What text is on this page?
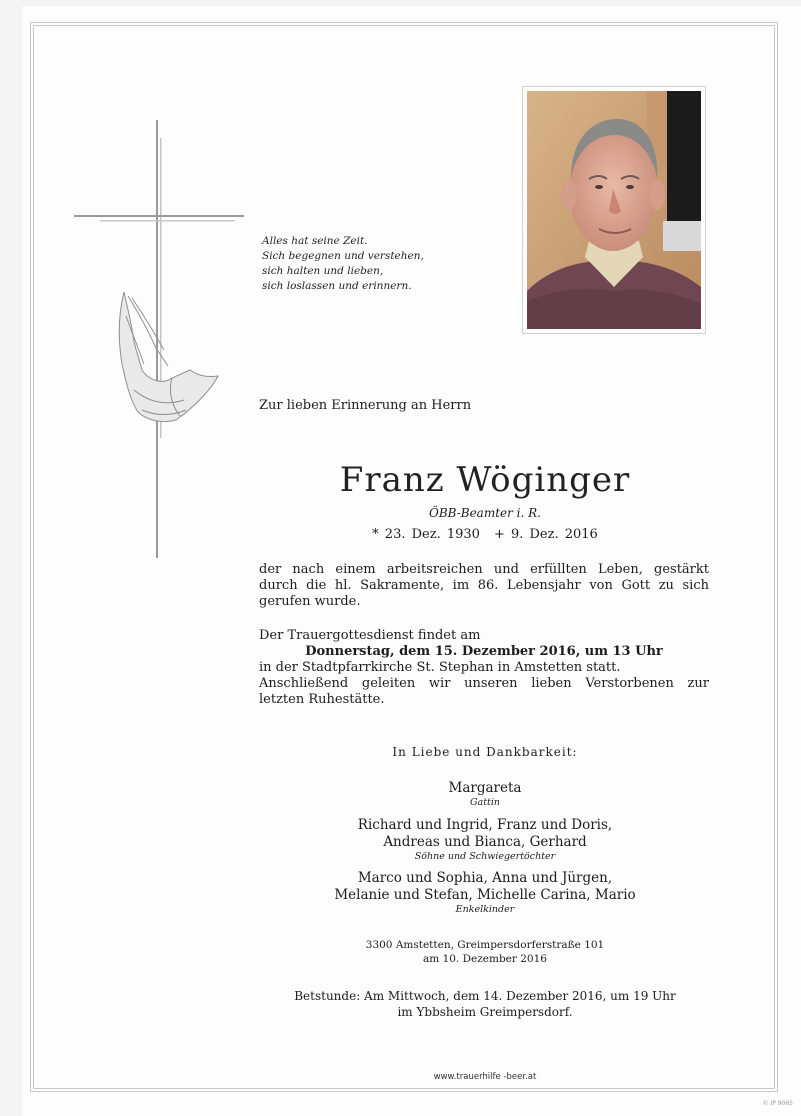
Alles hat seine Zeit.
Sich begegnen und verstehen,
sich halten und lieben,
sich loslassen und erinnern.
Zur lieben Erinnerung an Herrn
Franz Wöginger
ÖBB-Beamter i. R.
* 23. Dez. 1930 + 9. Dez. 2016
der nach einem arbeitsreichen und erfüllten Leben, gestärkt
durch die hl. Sakramente, im 86. Lebensjahr von Gott zu sich
gerufen wurde.
Der Trauergottesdienst findet am
Donnerstag, dem 15. Dezember 2016, um 13 Uhr
in der Stadtpfarrkirche St. Stephan in Amstetten statt.
Anschließend geleiten wir unseren lieben Verstorbenen zur
letzten Ruhestätte.
In Liebe und Dankbarkeit:
Margareta
Gattin
Richard und Ingrid, Franz und Doris,
Andreas und Bianca, Gerhard
Söhne und Schwiegertöchter
Marco und Sophia, Anna und Jürgen,
Melanie und Stefan, Michelle Carina, Mario
Enkelkinder
3300 Amstetten, Greimpersdorferstraße 101
am 10. Dezember 2016
Betstunde: Am Mittwoch, dem 14. Dezember 2016, um 19 Uhr
im Ybbsheim Greimpersdorf.
www.trauerhilfe -beer.at
© IP 9065
